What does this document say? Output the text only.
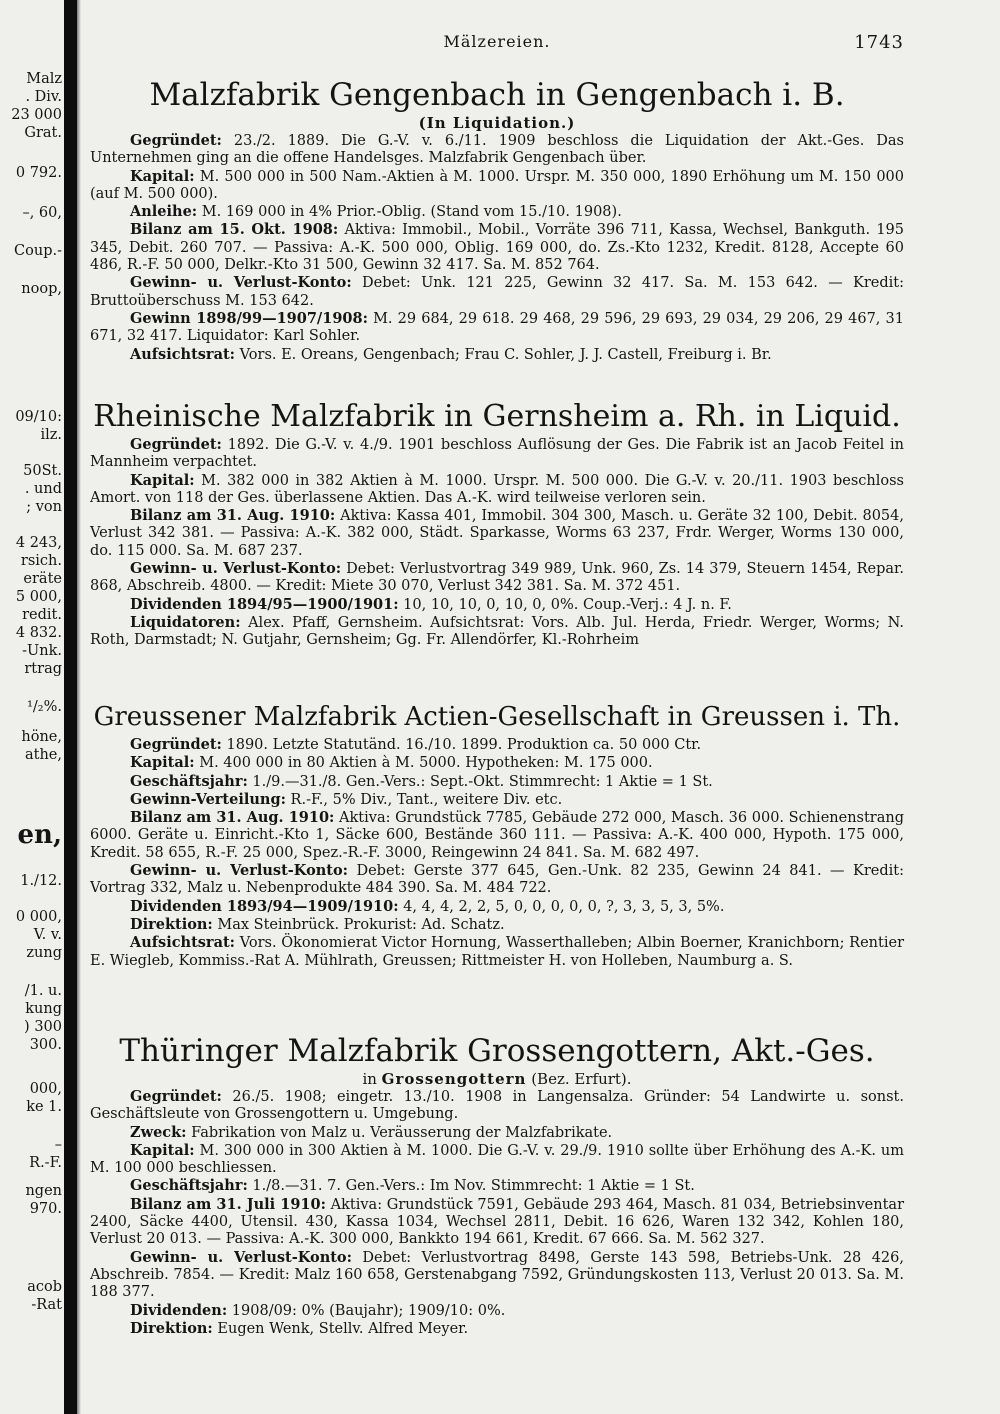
Malz
. Div.
23 000
Grat.
0 792.
–, 60,
Coup.-
noop,
09/10:
ilz.
50St.
. und
; von
4 243,
rsich.
eräte
5 000,
redit.
4 832.
-Unk.
rtrag
¹/₂%.
höne,
athe,
en,
1./12.
0 000,
V. v.
zung
/1. u.
kung
) 300
300.
000,
ke 1.
–
R.-F.
ngen
970.
acob
-Rat
Mälzereien.	1743
Malzfabrik Gengenbach in Gengenbach i. B.
(In Liquidation.)

Gegründet: 23./2. 1889. Die G.-V. v. 6./11. 1909 beschloss die Liquidation der Akt.-Ges. Das Unternehmen ging an die offene Handelsges. Malzfabrik Gengenbach über.

Kapital: M. 500 000 in 500 Nam.-Aktien à M. 1000. Urspr. M. 350 000, 1890 Erhöhung um M. 150 000 (auf M. 500 000).

Anleihe: M. 169 000 in 4% Prior.-Oblig. (Stand vom 15./10. 1908).

Bilanz am 15. Okt. 1908: Aktiva: Immobil., Mobil., Vorräte 396 711, Kassa, Wechsel, Bankguth. 195 345, Debit. 260 707. — Passiva: A.-K. 500 000, Oblig. 169 000, do. Zs.-Kto 1232, Kredit. 8128, Accepte 60 486, R.-F. 50 000, Delkr.-Kto 31 500, Gewinn 32 417. Sa. M. 852 764.

Gewinn- u. Verlust-Konto: Debet: Unk. 121 225, Gewinn 32 417. Sa. M. 153 642. — Kredit: Bruttoüberschuss M. 153 642.

Gewinn 1898/99—1907/1908: M. 29 684, 29 618. 29 468, 29 596, 29 693, 29 034, 29 206, 29 467, 31 671, 32 417. Liquidator: Karl Sohler.

Aufsichtsrat: Vors. E. Oreans, Gengenbach; Frau C. Sohler, J. J. Castell, Freiburg i. Br.

Rheinische Malzfabrik in Gernsheim a. Rh. in Liquid.

Gegründet: 1892. Die G.-V. v. 4./9. 1901 beschloss Auflösung der Ges. Die Fabrik ist an Jacob Feitel in Mannheim verpachtet.

Kapital: M. 382 000 in 382 Aktien à M. 1000. Urspr. M. 500 000. Die G.-V. v. 20./11. 1903 beschloss Amort. von 118 der Ges. überlassene Aktien. Das A.-K. wird teilweise verloren sein.

Bilanz am 31. Aug. 1910: Aktiva: Kassa 401, Immobil. 304 300, Masch. u. Geräte 32 100, Debit. 8054, Verlust 342 381. — Passiva: A.-K. 382 000, Städt. Sparkasse, Worms 63 237, Frdr. Werger, Worms 130 000, do. 115 000. Sa. M. 687 237.

Gewinn- u. Verlust-Konto: Debet: Verlustvortrag 349 989, Unk. 960, Zs. 14 379, Steuern 1454, Repar. 868, Abschreib. 4800. — Kredit: Miete 30 070, Verlust 342 381. Sa. M. 372 451.

Dividenden 1894/95—1900/1901: 10, 10, 10, 0, 10, 0, 0%. Coup.-Verj.: 4 J. n. F.

Liquidatoren: Alex. Pfaff, Gernsheim. Aufsichtsrat: Vors. Alb. Jul. Herda, Friedr. Werger, Worms; N. Roth, Darmstadt; N. Gutjahr, Gernsheim; Gg. Fr. Allendörfer, Kl.-Rohrheim

Greussener Malzfabrik Actien-Gesellschaft in Greussen i. Th.

Gegründet: 1890. Letzte Statutänd. 16./10. 1899. Produktion ca. 50 000 Ctr.

Kapital: M. 400 000 in 80 Aktien à M. 5000. Hypotheken: M. 175 000.

Geschäftsjahr: 1./9.—31./8. Gen.-Vers.: Sept.-Okt. Stimmrecht: 1 Aktie = 1 St.

Gewinn-Verteilung: R.-F., 5% Div., Tant., weitere Div. etc.

Bilanz am 31. Aug. 1910: Aktiva: Grundstück 7785, Gebäude 272 000, Masch. 36 000. Schienenstrang 6000. Geräte u. Einricht.-Kto 1, Säcke 600, Bestände 360 111. — Passiva: A.-K. 400 000, Hypoth. 175 000, Kredit. 58 655, R.-F. 25 000, Spez.-R.-F. 3000, Reingewinn 24 841. Sa. M. 682 497.

Gewinn- u. Verlust-Konto: Debet: Gerste 377 645, Gen.-Unk. 82 235, Gewinn 24 841. — Kredit: Vortrag 332, Malz u. Nebenprodukte 484 390. Sa. M. 484 722.

Dividenden 1893/94—1909/1910: 4, 4, 4, 2, 2, 5, 0, 0, 0, 0, 0, ?, 3, 3, 5, 3, 5%.

Direktion: Max Steinbrück. Prokurist: Ad. Schatz.

Aufsichtsrat: Vors. Ökonomierat Victor Hornung, Wasserthalleben; Albin Boerner, Kranichborn; Rentier E. Wiegleb, Kommiss.-Rat A. Mühlrath, Greussen; Rittmeister H. von Holleben, Naumburg a. S.

Thüringer Malzfabrik Grossengottern, Akt.-Ges.
in Grossengottern (Bez. Erfurt).

Gegründet: 26./5. 1908; eingetr. 13./10. 1908 in Langensalza. Gründer: 54 Landwirte u. sonst. Geschäftsleute von Grossengottern u. Umgebung.

Zweck: Fabrikation von Malz u. Veräusserung der Malzfabrikate.

Kapital: M. 300 000 in 300 Aktien à M. 1000. Die G.-V. v. 29./9. 1910 sollte über Erhöhung des A.-K. um M. 100 000 beschliessen.

Geschäftsjahr: 1./8.—31. 7. Gen.-Vers.: Im Nov. Stimmrecht: 1 Aktie = 1 St.

Bilanz am 31. Juli 1910: Aktiva: Grundstück 7591, Gebäude 293 464, Masch. 81 034, Betriebsinventar 2400, Säcke 4400, Utensil. 430, Kassa 1034, Wechsel 2811, Debit. 16 626, Waren 132 342, Kohlen 180, Verlust 20 013. — Passiva: A.-K. 300 000, Bankkto 194 661, Kredit. 67 666. Sa. M. 562 327.

Gewinn- u. Verlust-Konto: Debet: Verlustvortrag 8498, Gerste 143 598, Betriebs-Unk. 28 426, Abschreib. 7854. — Kredit: Malz 160 658, Gerstenabgang 7592, Gründungskosten 113, Verlust 20 013. Sa. M. 188 377.

Dividenden: 1908/09: 0% (Baujahr); 1909/10: 0%.

Direktion: Eugen Wenk, Stellv. Alfred Meyer.
